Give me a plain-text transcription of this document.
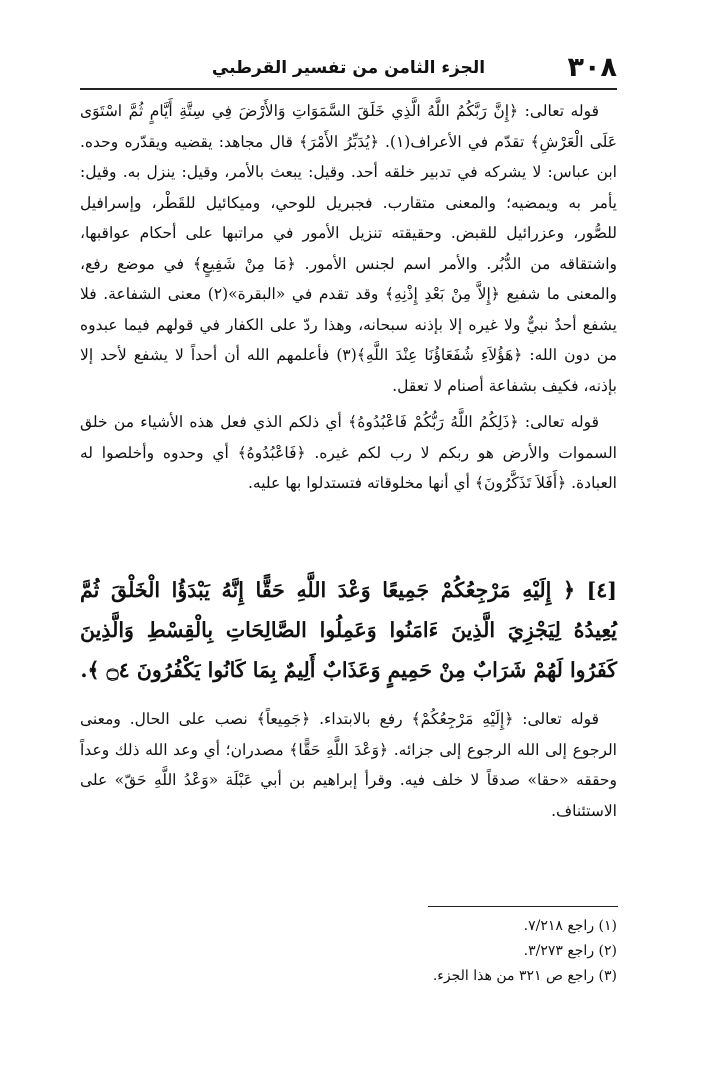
٣٠٨
الجزء الثامن من تفسير القرطبي

قوله تعالى: ﴿إِنَّ رَبَّكُمُ اللَّهُ الَّذِي خَلَقَ السَّمَوَاتِ وَالأَرْضَ فِي سِتَّةِ أَيَّامٍ ثُمَّ اسْتَوَى عَلَى الْعَرْشِ﴾ تقدّم في الأعراف(١). ﴿يُدَبِّرُ الأَمْرَ﴾ قال مجاهد: يقضيه ويقدّره وحده. ابن عباس: لا يشركه في تدبير خلقه أحد. وقيل: يبعث بالأمر، وقيل: ينزل به. وقيل: يأمر به ويمضيه؛ والمعنى متقارب. فجبريل للوحي، وميكائيل للقَطْر، وإسرافيل للصُّور، وعزرائيل للقبض. وحقيقته تنزيل الأمور في مراتبها على أحكام عواقبها، واشتقاقه من الدُّبُر. والأمر اسم لجنس الأمور. ﴿مَا مِنْ شَفِيعٍ﴾ في موضع رفع، والمعنى ما شفيع ﴿إِلاَّ مِنْ بَعْدِ إِذْنِهِ﴾ وقد تقدم في «البقرة»(٢) معنى الشفاعة. فلا يشفع أحدٌ نبيٌّ ولا غيره إلا بإذنه سبحانه، وهذا ردّ على الكفار في قولهم فيما عبدوه من دون الله: ﴿هَؤُلاَءِ شُفَعَاؤُنَا عِنْدَ اللَّهِ﴾(٣) فأعلمهم الله أن أحداً لا يشفع لأحد إلا بإذنه، فكيف بشفاعة أصنام لا تعقل.

قوله تعالى: ﴿ذَلِكُمُ اللَّهُ رَبُّكُمْ فَاعْبُدُوهُ﴾ أي ذلكم الذي فعل هذه الأشياء من خلق السموات والأرض هو ربكم لا رب لكم غيره. ﴿فَاعْبُدُوهُ﴾ أي وحدوه وأخلصوا له العبادة. ﴿أَفَلاَ تَذَكَّرُونَ﴾ أي أنها مخلوقاته فتستدلوا بها عليه.

[٤] ﴿ إِلَيْهِ مَرْجِعُكُمْ جَمِيعًا وَعْدَ اللَّهِ حَقًّا إِنَّهُ يَبْدَؤُا الْخَلْقَ ثُمَّ يُعِيدُهُ لِيَجْزِيَ الَّذِينَ ءَامَنُوا وَعَمِلُوا الصَّالِحَاتِ بِالْقِسْطِ وَالَّذِينَ كَفَرُوا لَهُمْ شَرَابٌ مِنْ حَمِيمٍ وَعَذَابٌ أَلِيمٌ بِمَا كَانُوا يَكْفُرُونَ ۝٤ ﴾.

قوله تعالى: ﴿إِلَيْهِ مَرْجِعُكُمْ﴾ رفع بالابتداء. ﴿جَمِيعاً﴾ نصب على الحال. ومعنى الرجوع إلى الله الرجوع إلى جزائه. ﴿وَعْدَ اللَّهِ حَقًّا﴾ مصدران؛ أي وعد الله ذلك وعداً وحققه «حقا» صدقاً لا خلف فيه. وقرأ إبراهيم بن أبي عَبْلَة «وَعْدُ اللَّهِ حَقّ» على الاستئناف.

(١) راجع ٧/٢١٨.
(٢) راجع ٣/٢٧٣.
(٣) راجع ص ٣٢١ من هذا الجزء.
